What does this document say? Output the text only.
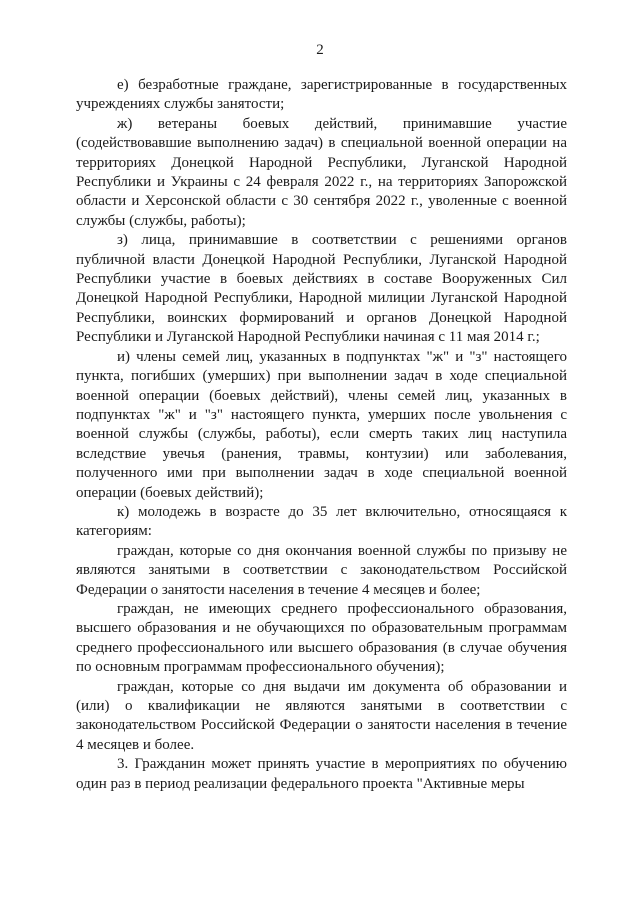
2

е) безработные граждане, зарегистрированные в государственных учреждениях службы занятости;

ж) ветераны боевых действий, принимавшие участие (содействовавшие выполнению задач) в специальной военной операции на территориях Донецкой Народной Республики, Луганской Народной Республики и Украины с 24 февраля 2022 г., на территориях Запорожской области и Херсонской области с 30 сентября 2022 г., уволенные с военной службы (службы, работы);

з) лица, принимавшие в соответствии с решениями органов публичной власти Донецкой Народной Республики, Луганской Народной Республики участие в боевых действиях в составе Вооруженных Сил Донецкой Народной Республики, Народной милиции Луганской Народной Республики, воинских формирований и органов Донецкой Народной Республики и Луганской Народной Республики начиная с 11 мая 2014 г.;

и) члены семей лиц, указанных в подпунктах "ж" и "з" настоящего пункта, погибших (умерших) при выполнении задач в ходе специальной военной операции (боевых действий), члены семей лиц, указанных в подпунктах "ж" и "з" настоящего пункта, умерших после увольнения с военной службы (службы, работы), если смерть таких лиц наступила вследствие увечья (ранения, травмы, контузии) или заболевания, полученного ими при выполнении задач в ходе специальной военной операции (боевых действий);

к) молодежь в возрасте до 35 лет включительно, относящаяся к категориям:

граждан, которые со дня окончания военной службы по призыву не являются занятыми в соответствии с законодательством Российской Федерации о занятости населения в течение 4 месяцев и более;

граждан, не имеющих среднего профессионального образования, высшего образования и не обучающихся по образовательным программам среднего профессионального или высшего образования (в случае обучения по основным программам профессионального обучения);

граждан, которые со дня выдачи им документа об образовании и (или) о квалификации не являются занятыми в соответствии с законодательством Российской Федерации о занятости населения в течение 4 месяцев и более.

3. Гражданин может принять участие в мероприятиях по обучению один раз в период реализации федерального проекта "Активные меры
